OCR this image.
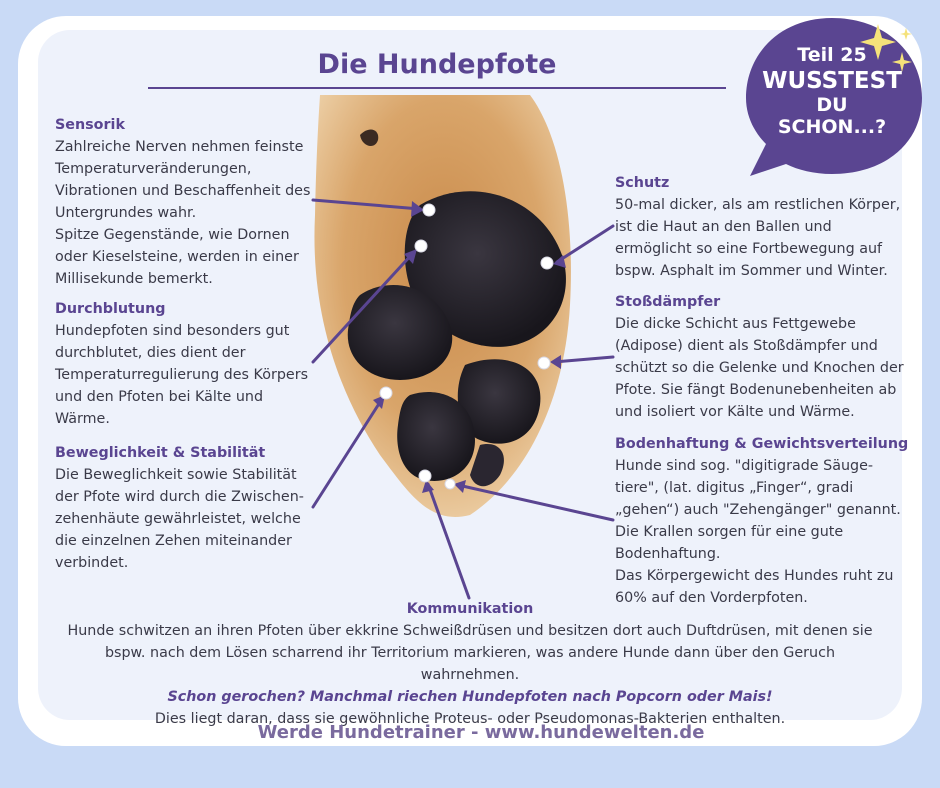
Die Hundepfote
Sensorik

Zahlreiche Nerven nehmen feinste

Temperaturveränderungen,

Vibrationen und Beschaffenheit des

Untergrundes wahr.

Spitze Gegenstände, wie Dornen

oder Kieselsteine, werden in einer

Millisekunde bemerkt.

Durchblutung

Hundepfoten sind besonders gut

durchblutet, dies dient der

Temperaturregulierung des Körpers

und den Pfoten bei Kälte und

Wärme.

Beweglichkeit & Stabilität

Die Beweglichkeit sowie Stabilität

der Pfote wird durch die Zwischen-

zehenhäute gewährleistet, welche

die einzelnen Zehen miteinander

verbindet.

Schutz

50-mal dicker, als am restlichen Körper,

ist die Haut an den Ballen und

ermöglicht so eine Fortbewegung auf

bspw. Asphalt im Sommer und Winter.

Stoßdämpfer

Die dicke Schicht aus Fettgewebe

(Adipose) dient als Stoßdämpfer und

schützt so die Gelenke und Knochen der

Pfote. Sie fängt Bodenunebenheiten ab

und isoliert vor Kälte und Wärme.

Bodenhaftung & Gewichtsverteilung

Hunde sind sog. "digitigrade Säuge-

tiere", (lat. digitus „Finger“, gradi

„gehen“) auch "Zehengänger" genannt.

Die Krallen sorgen für eine gute

Bodenhaftung.

Das Körpergewicht des Hundes ruht zu

60% auf den Vorderpfoten.

Kommunikation

Hunde schwitzen an ihren Pfoten über ekkrine Schweißdrüsen und besitzen dort auch Duftdrüsen, mit denen sie

bspw. nach dem Lösen scharrend ihr Territorium markieren, was andere Hunde dann über den Geruch wahrnehmen.

Schon gerochen? Manchmal riechen Hundepfoten nach Popcorn oder Mais!

Dies liegt daran, dass sie gewöhnliche Proteus- oder Pseudomonas-Bakterien enthalten.

Werde Hundetrainer - www.hundewelten.de
Teil 25
WUSSTEST
DU
SCHON...?
